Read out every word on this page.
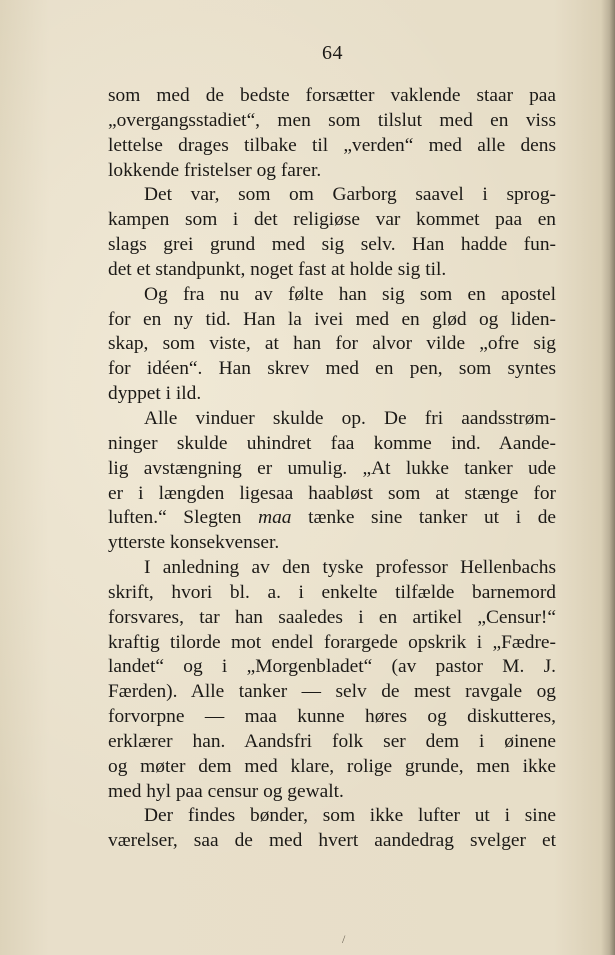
64
som med de bedste forsætter vaklende staar paa
„overgangsstadiet“, men som tilslut med en viss
lettelse drages tilbake til „verden“ med alle dens
lokkende fristelser og farer.
Det var, som om Garborg saavel i sprog-
kampen som i det religiøse var kommet paa en
slags grei grund med sig selv. Han hadde fun-
det et standpunkt, noget fast at holde sig til.
Og fra nu av følte han sig som en apostel
for en ny tid. Han la ivei med en glød og liden-
skap, som viste, at han for alvor vilde „ofre sig
for idéen“. Han skrev med en pen, som syntes
dyppet i ild.
Alle vinduer skulde op. De fri aandsstrøm-
ninger skulde uhindret faa komme ind. Aande-
lig avstængning er umulig. „At lukke tanker ude
er i længden ligesaa haabløst som at stænge for
luften.“ Slegten maa tænke sine tanker ut i de
ytterste konsekvenser.
I anledning av den tyske professor Hellenbachs
skrift, hvori bl. a. i enkelte tilfælde barnemord
forsvares, tar han saaledes i en artikel „Censur!“
kraftig tilorde mot endel forargede opskrik i „Fædre-
landet“ og i „Morgenbladet“ (av pastor M. J.
Færden). Alle tanker — selv de mest ravgale og
forvorpne — maa kunne høres og diskutteres,
erklærer han. Aandsfri folk ser dem i øinene
og møter dem med klare, rolige grunde, men ikke
med hyl paa censur og gewalt.
Der findes bønder, som ikke lufter ut i sine
værelser, saa de med hvert aandedrag svelger et
/
